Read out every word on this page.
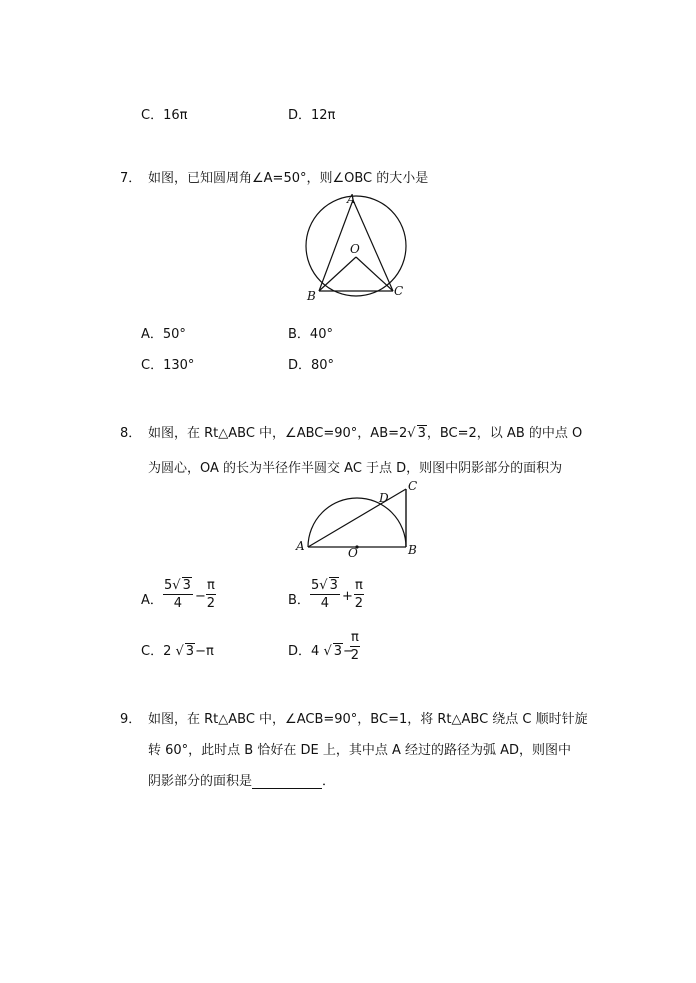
C．16π	D．12π
7． 如图，已知圆周角∠A=50°，则∠OBC 的大小是
A
O
B	C
A．50°	B．40°
C．130°	D．80°
8． 如图，在 Rt△ABC 中，∠ABC=90°，AB=2√ 3，BC=2，以 AB 的中点 O
为圆心，OA 的长为半径作半圆交 AC 于点 D，则图中阴影部分的面积为
C
D
A	O	B
A． $\frac{5√ 3}{4} - \frac{\pi}{2}$	B． $\frac{5√ 3}{4} + \frac{\pi}{2}$
C．2 √ 3−π	D．4 √ 3−
$\frac{\pi}{2}$
9． 如图，在 Rt△ABC 中，∠ACB=90°，BC=1，将 Rt△ABC 绕点 C 顺时针旋
转 60°，此时点 B 恰好在 DE 上，其中点 A 经过的路径为弧 AD，则图中
阴影部分的面积是	．
